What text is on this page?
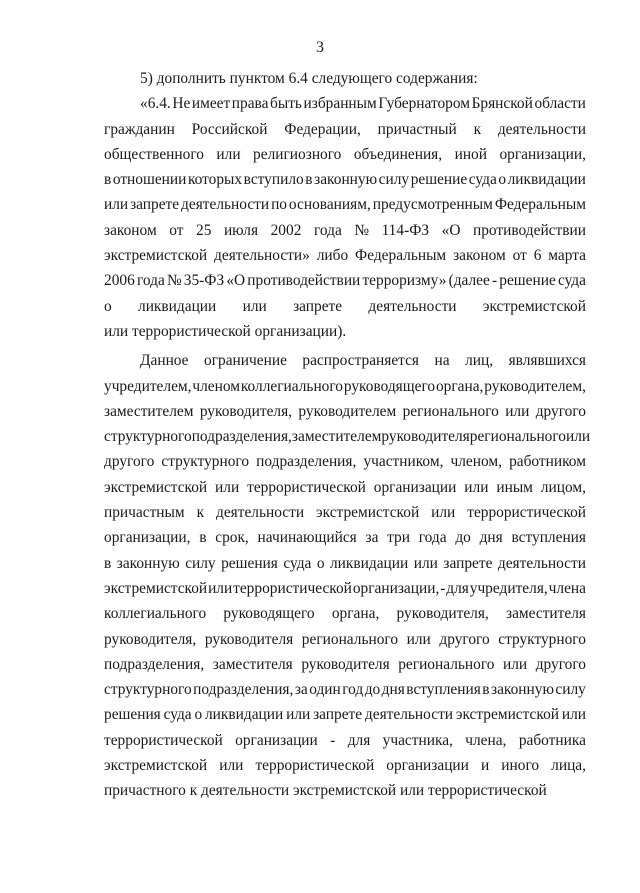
3
5) дополнить пунктом 6.4 следующего содержания:
«6.4. Не имеет права быть избранным Губернатором Брянской области
гражданин Российской Федерации, причастный к деятельности
общественного или религиозного объединения, иной организации,
в отношении которых вступило в законную силу решение суда о ликвидации
или запрете деятельности по основаниям, предусмотренным Федеральным
законом от 25 июля 2002 года № 114-ФЗ «О противодействии
экстремистской деятельности» либо Федеральным законом от 6 марта
2006 года № 35-ФЗ «О противодействии терроризму» (далее - решение суда
о ликвидации или запрете деятельности экстремистской
или террористической организации).
Данное ограничение распространяется на лиц, являвшихся
учредителем, членом коллегиального руководящего органа, руководителем,
заместителем руководителя, руководителем регионального или другого
структурного подразделения, заместителем руководителя регионального или
другого структурного подразделения, участником, членом, работником
экстремистской или террористической организации или иным лицом,
причастным к деятельности экстремистской или террористической
организации, в срок, начинающийся за три года до дня вступления
в законную силу решения суда о ликвидации или запрете деятельности
экстремистской или террористической организации, - для учредителя, члена
коллегиального руководящего органа, руководителя, заместителя
руководителя, руководителя регионального или другого структурного
подразделения, заместителя руководителя регионального или другого
структурного подразделения, за один год до дня вступления в законную силу
решения суда о ликвидации или запрете деятельности экстремистской или
террористической организации - для участника, члена, работника
экстремистской или террористической организации и иного лица,
причастного к деятельности экстремистской или террористической
